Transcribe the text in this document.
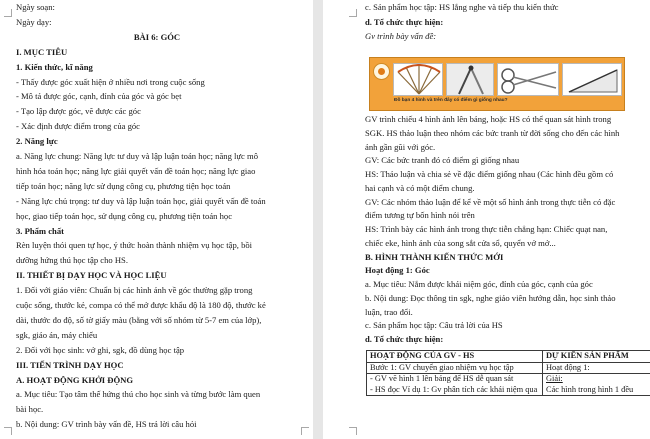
Ngày soạn:
Ngày dạy:
BÀI 6: GÓC
I. MỤC TIÊU
1. Kiến thức, kĩ năng
- Thấy được góc xuất hiện ở nhiều nơi trong cuộc sống
- Mô tả được góc, cạnh, đỉnh của góc và góc bẹt
- Tạo lập được góc, vẽ được các góc
- Xác định được điểm trong của góc
2. Năng lực
a. Năng lực chung: Năng lực tư duy và lập luận toán học; năng lực mô
hình hóa toán học; năng lực giải quyết vấn đề toán học; năng lực giao
tiếp toán học; năng lực sử dụng công cụ, phương tiện học toán
- Năng lực chủ trọng: tư duy và lập luận toán học, giải quyết vấn đề toán
học, giao tiếp toán học, sử dụng công cụ, phương tiện toán học
3. Phẩm chất
Rèn luyện thói quen tự học, ý thức hoàn thành nhiệm vụ học tập, bồi
dưỡng hứng thú học tập cho HS.
II. THIẾT BỊ DẠY HỌC VÀ HỌC LIỆU
1. Đối với giáo viên: Chuẩn bị các hình ảnh về góc thường gặp trong
cuộc sống, thước kẻ, compa có thể mở được khẩu độ là 180 độ, thước kẻ
dài, thước đo độ, số tờ giấy màu (bằng với số nhóm từ 5-7 em của lớp),
sgk, giáo án, máy chiếu
2. Đối với học sinh: vở ghi, sgk, đồ dùng học tập
III. TIẾN TRÌNH DẠY HỌC
A. HOẠT ĐỘNG KHỞI ĐỘNG
a. Mục tiêu: Tạo tâm thế hứng thú cho học sinh và từng bước làm quen
bài học.
b. Nội dung: GV trình bày vấn đề, HS trả lời câu hỏi
c. Sản phẩm học tập: HS lắng nghe và tiếp thu kiến thức
d. Tổ chức thực hiện:
Gv trình bày vấn đề:
Đồ bạn 4 hình và trên đây có điểm gì giống nhau?
GV trình chiếu 4 hình ảnh lên bảng, hoặc HS có thể quan sát hình trong
SGK. HS thảo luận theo nhóm các bức tranh từ đời sống cho đến các hình
ảnh gần gũi với góc.
GV: Các bức tranh đó có điểm gì giống nhau
HS: Thảo luận và chia sẻ về đặc điểm giống nhau (Các hình đều gồm có
hai cạnh và có một điểm chung.
GV: Các nhóm thảo luận để kể về một số hình ảnh trong thực tiễn có đặc
điểm tương tự bốn hình nói trên
HS: Trình bày các hình ảnh trong thực tiễn chẳng hạn: Chiếc quạt nan,
chiếc eke, hình ảnh của song sắt cửa sổ, quyển vở mở...
B. HÌNH THÀNH KIẾN THỨC MỚI
Hoạt động 1: Góc
a. Mục tiêu: Nắm được khái niệm góc, đỉnh của góc, cạnh của góc
b. Nội dung: Đọc thông tin sgk, nghe giáo viên hướng dẫn, học sinh thảo
luận, trao đổi.
c. Sản phẩm học tập: Câu trả lời của HS
d. Tổ chức thực hiện:
HOẠT ĐỘNG CỦA GV - HS	DỰ KIẾN SẢN PHẨM
Bước 1: GV chuyển giao nhiệm vụ học tập	Hoạt động 1:
- GV vẽ hình 1 lên bảng để HS dễ quan sát	Giải:
- HS đọc Ví dụ 1: Gv phân tích các khái niệm qua	Các hình trong hình 1 đều
